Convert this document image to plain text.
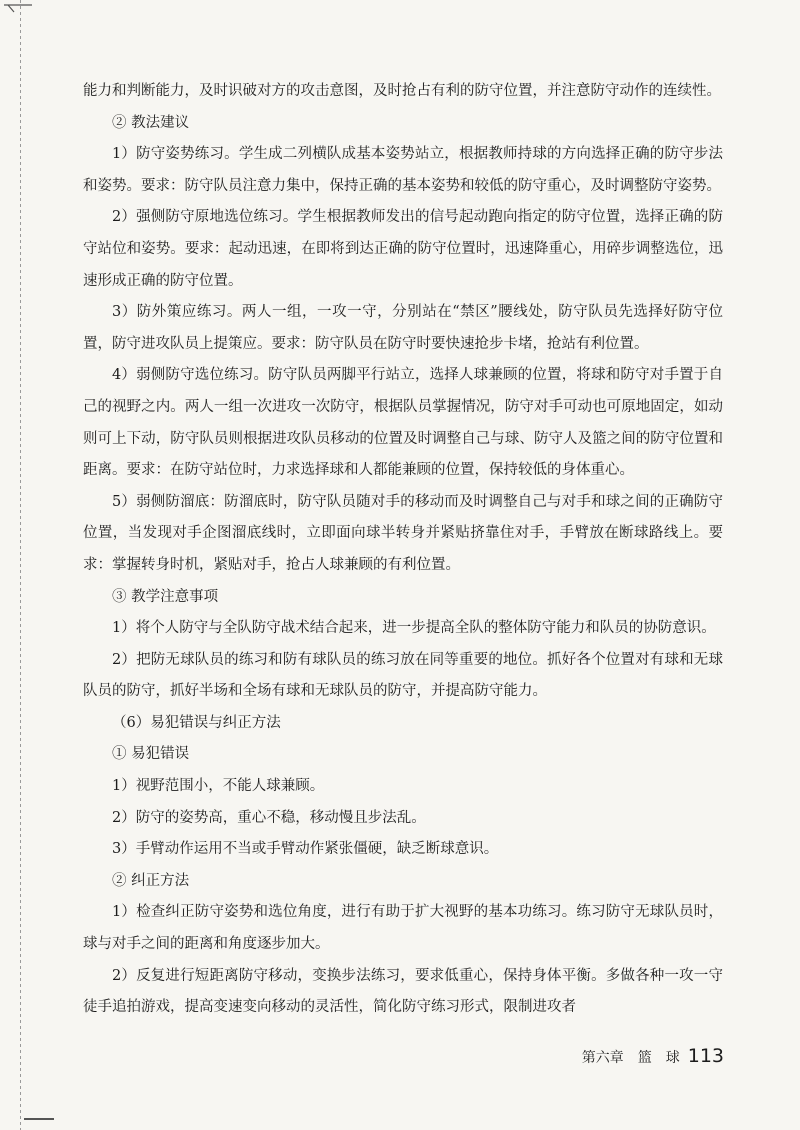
能力和判断能力，及时识破对方的攻击意图，及时抢占有利的防守位置，并注意防守动作的连续性。

② 教法建议

1）防守姿势练习。学生成二列横队成基本姿势站立，根据教师持球的方向选择正确的防守步法和姿势。要求：防守队员注意力集中，保持正确的基本姿势和较低的防守重心，及时调整防守姿势。

2）强侧防守原地选位练习。学生根据教师发出的信号起动跑向指定的防守位置，选择正确的防守站位和姿势。要求：起动迅速，在即将到达正确的防守位置时，迅速降重心，用碎步调整选位，迅速形成正确的防守位置。

3）防外策应练习。两人一组，一攻一守，分别站在“禁区”腰线处，防守队员先选择好防守位置，防守进攻队员上提策应。要求：防守队员在防守时要快速抢步卡堵，抢站有利位置。

4）弱侧防守选位练习。防守队员两脚平行站立，选择人球兼顾的位置，将球和防守对手置于自己的视野之内。两人一组一次进攻一次防守，根据队员掌握情况，防守对手可动也可原地固定，如动则可上下动，防守队员则根据进攻队员移动的位置及时调整自己与球、防守人及篮之间的防守位置和距离。要求：在防守站位时，力求选择球和人都能兼顾的位置，保持较低的身体重心。

5）弱侧防溜底：防溜底时，防守队员随对手的移动而及时调整自己与对手和球之间的正确防守位置，当发现对手企图溜底线时，立即面向球半转身并紧贴挤靠住对手，手臂放在断球路线上。要求：掌握转身时机，紧贴对手，抢占人球兼顾的有利位置。

③ 教学注意事项

1）将个人防守与全队防守战术结合起来，进一步提高全队的整体防守能力和队员的协防意识。

2）把防无球队员的练习和防有球队员的练习放在同等重要的地位。抓好各个位置对有球和无球队员的防守，抓好半场和全场有球和无球队员的防守，并提高防守能力。

（6）易犯错误与纠正方法

① 易犯错误

1）视野范围小，不能人球兼顾。

2）防守的姿势高，重心不稳，移动慢且步法乱。

3）手臂动作运用不当或手臂动作紧张僵硬，缺乏断球意识。

② 纠正方法

1）检查纠正防守姿势和选位角度，进行有助于扩大视野的基本功练习。练习防守无球队员时，球与对手之间的距离和角度逐步加大。

2）反复进行短距离防守移动，变换步法练习，要求低重心，保持身体平衡。多做各种一攻一守徒手追拍游戏，提高变速变向移动的灵活性，简化防守练习形式，限制进攻者

第六章　篮　球 113
